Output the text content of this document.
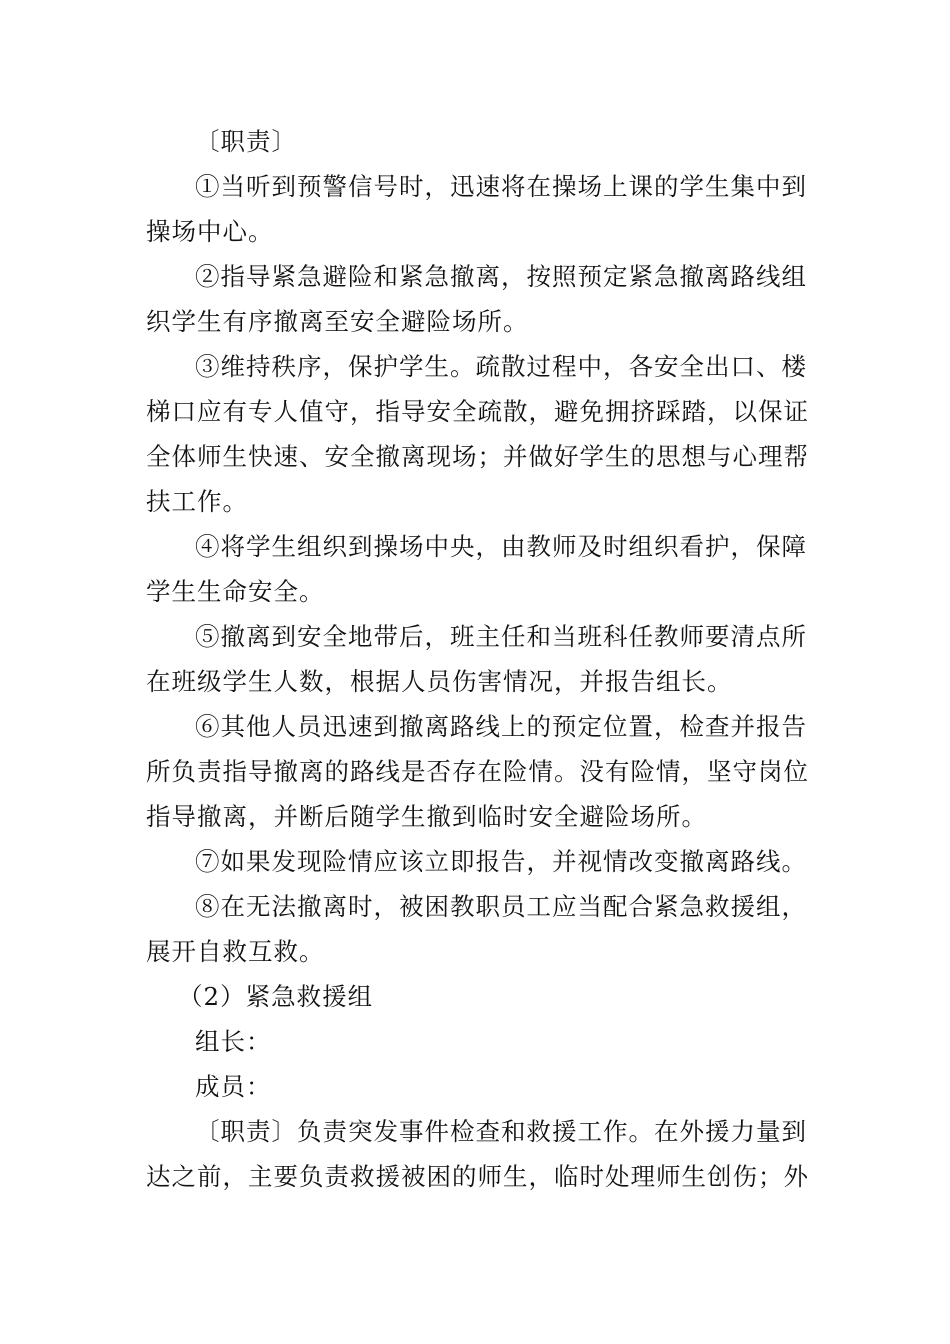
〔职责〕
①当听到预警信号时，迅速将在操场上课的学生集中到
操场中心。
②指导紧急避险和紧急撤离，按照预定紧急撤离路线组
织学生有序撤离至安全避险场所。
③维持秩序，保护学生。疏散过程中，各安全出口、楼
梯口应有专人值守，指导安全疏散，避免拥挤踩踏，以保证
全体师生快速、安全撤离现场；并做好学生的思想与心理帮
扶工作。
④将学生组织到操场中央，由教师及时组织看护，保障
学生生命安全。
⑤撤离到安全地带后，班主任和当班科任教师要清点所
在班级学生人数，根据人员伤害情况，并报告组长。
⑥其他人员迅速到撤离路线上的预定位置，检查并报告
所负责指导撤离的路线是否存在险情。没有险情，坚守岗位
指导撤离，并断后随学生撤到临时安全避险场所。
⑦如果发现险情应该立即报告，并视情改变撤离路线。
⑧在无法撤离时，被困教职员工应当配合紧急救援组，
展开自救互救。
（2）紧急救援组
组长：
成员：
〔职责〕负责突发事件检查和救援工作。在外援力量到
达之前，主要负责救援被困的师生，临时处理师生创伤；外
